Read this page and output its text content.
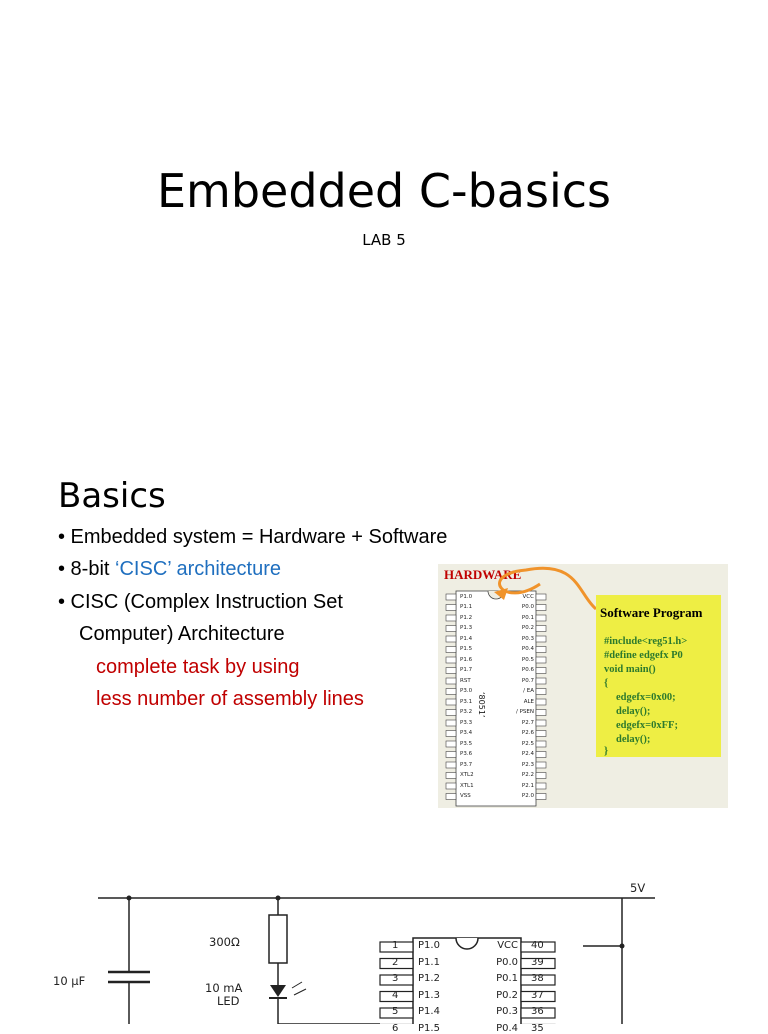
Embedded C-basics
LAB 5
Basics
• Embedded system = Hardware + Software
• 8-bit ‘CISC’ architecture
• CISC (Complex Instruction Set
Computer) Architecture
complete task by using
less number of assembly lines
HARDWARE
P1.0
P1.1
P1.2
P1.3
P1.4
P1.5
P1.6
P1.7
RST
P3.0
P3.1
P3.2
P3.3
P3.4
P3.5
P3.6
P3.7
XTL2
XTL1
VSS
VCC
P0.0
P0.1
P0.2
P0.3
P0.4
P0.5
P0.6
P0.7
/ EA
ALE
/ PSEN
P2.7
P2.6
P2.5
P2.4
P2.3
P2.2
P2.1
P2.0
‘8051’
Software Program
#include<reg51.h>
#define edgefx P0
void main()
{
edgefx=0x00;
delay();
edgefx=0xFF;
delay();
}
5V
300Ω
10 μF	10 mA
LED
1 P1.0	VCC 40
2 P1.1	P0.0 39
3 P1.2	P0.1 38
4 P1.3	P0.2 37
5 P1.4	P0.3 36
6 P1.5	P0.4 35
